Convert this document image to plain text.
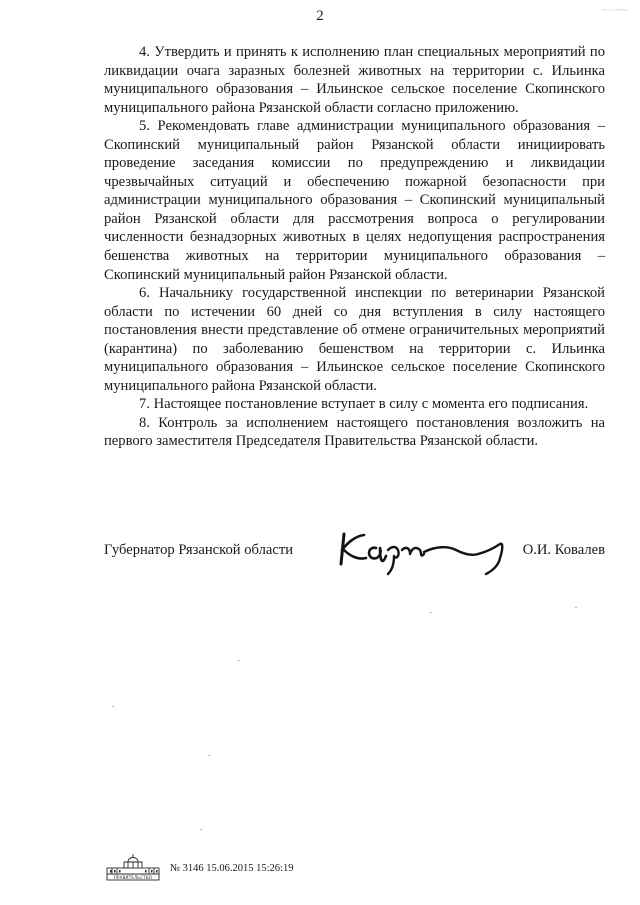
2	~····~~~·

4. Утвердить и принять к исполнению план специальных мероприятий по ликвидации очага заразных болезней животных на территории с. Ильинка муниципального образования – Ильинское сельское поселение Скопинского муниципального района Рязанской области согласно приложению.

5. Рекомендовать главе администрации муниципального образования – Скопинский муниципальный район Рязанской области инициировать проведение заседания комиссии по предупреждению и ликвидации чрезвычайных ситуаций и обеспечению пожарной безопасности при администрации муниципального образования – Скопинский муниципальный район Рязанской области для рассмотрения вопроса о регулировании численности безнадзорных животных в целях недопущения распространения бешенства животных на территории муниципального образования – Скопинский муниципальный район Рязанской области.

6. Начальнику государственной инспекции по ветеринарии Рязанской области по истечении 60 дней со дня вступления в силу настоящего постановления внести представление об отмене ограничительных мероприятий (карантина) по заболеванию бешенством на территории с. Ильинка муниципального образования – Ильинское сельское поселение Скопинского муниципального района Рязанской области.

7. Настоящее постановление вступает в силу с момента его подписания.

8. Контроль за исполнением настоящего постановления возложить на первого заместителя Председателя Правительства Рязанской области.

Губернатор Рязанской области	О.И. Ковалев
ПРАВИТЕЛЬСТВО
№ 3146 15.06.2015 15:26:19
